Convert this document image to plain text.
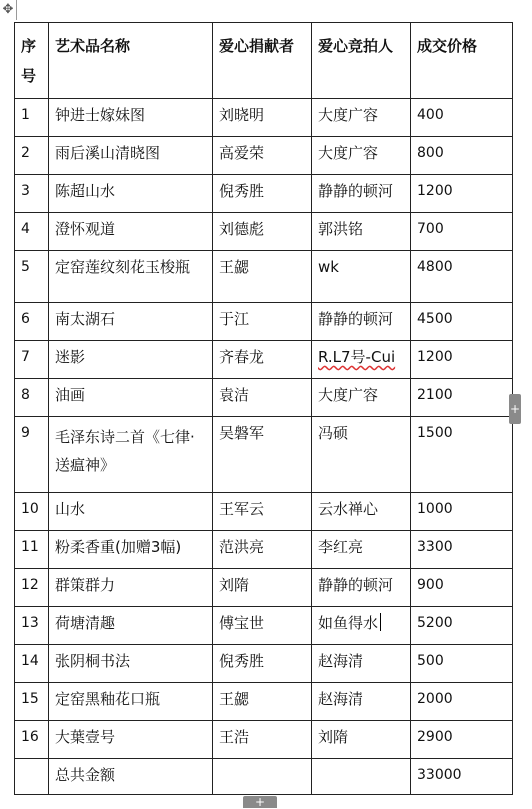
✥
序号	艺术品名称	爱心捐献者	爱心竞拍人	成交价格
1	钟进士嫁妹图	刘晓明	大度广容	400
2	雨后溪山清晓图	高爱荣	大度广容	800
3	陈超山水	倪秀胜	静静的顿河	1200
4	澄怀观道	刘德彪	郭洪铭	700
5	定窑莲纹刻花玉梭瓶	王勰	wk	4800
6	南太湖石	于江	静静的顿河	4500
7	迷影	齐春龙	R.L7号-Cui	1200
8	油画	袁洁	大度广容	2100
9	毛泽东诗二首《七律·送瘟神》	吴磐军	冯硕	1500
10	山水	王军云	云水禅心	1000
11	粉柔香重(加赠3幅)	范洪亮	李红亮	3300
12	群策群力	刘隋	静静的顿河	900
13	荷塘清趣	傅宝世	如鱼得水	5200
14	张阴桐书法	倪秀胜	赵海清	500
15	定窑黑釉花口瓶	王勰	赵海清	2000
16	大葉壹号	王浩	刘隋	2900
	总共金额			33000
+
+
